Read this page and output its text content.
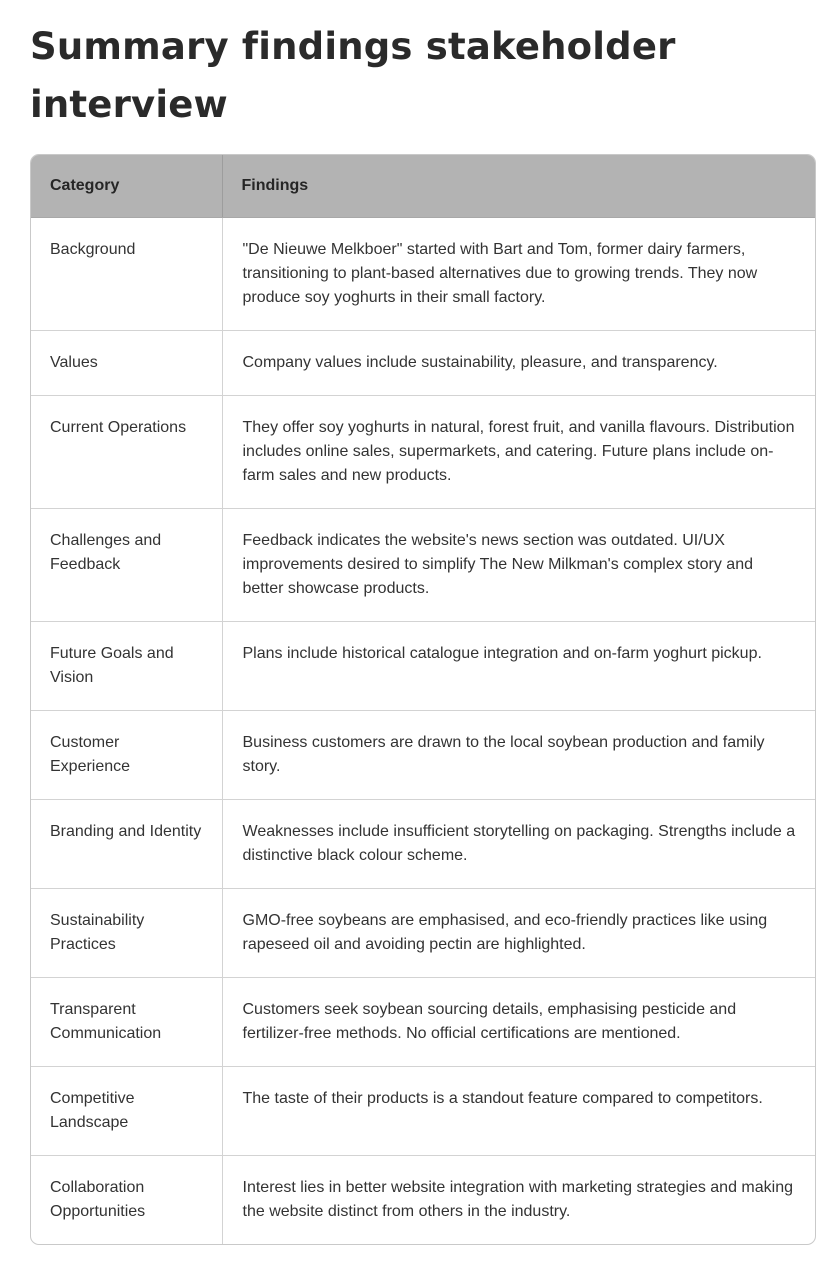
Summary findings stakeholder interview
Category	Findings
Background	"De Nieuwe Melkboer" started with Bart and Tom, former dairy farmers, transitioning to plant-based alternatives due to growing trends. They now produce soy yoghurts in their small factory.
Values	Company values include sustainability, pleasure, and transparency.
Current Operations	They offer soy yoghurts in natural, forest fruit, and vanilla flavours. Distribution includes online sales, supermarkets, and catering. Future plans include on-farm sales and new products.
Challenges and Feedback	Feedback indicates the website's news section was outdated. UI/UX improvements desired to simplify The New Milkman's complex story and better showcase products.
Future Goals and Vision	Plans include historical catalogue integration and on-farm yoghurt pickup.
Customer Experience	Business customers are drawn to the local soybean production and family story.
Branding and Identity	Weaknesses include insufficient storytelling on packaging. Strengths include a distinctive black colour scheme.
Sustainability Practices	GMO-free soybeans are emphasised, and eco-friendly practices like using rapeseed oil and avoiding pectin are highlighted.
Transparent Communication	Customers seek soybean sourcing details, emphasising pesticide and fertilizer-free methods. No official certifications are mentioned.
Competitive Landscape	The taste of their products is a standout feature compared to competitors.
Collaboration Opportunities	Interest lies in better website integration with marketing strategies and making the website distinct from others in the industry.
